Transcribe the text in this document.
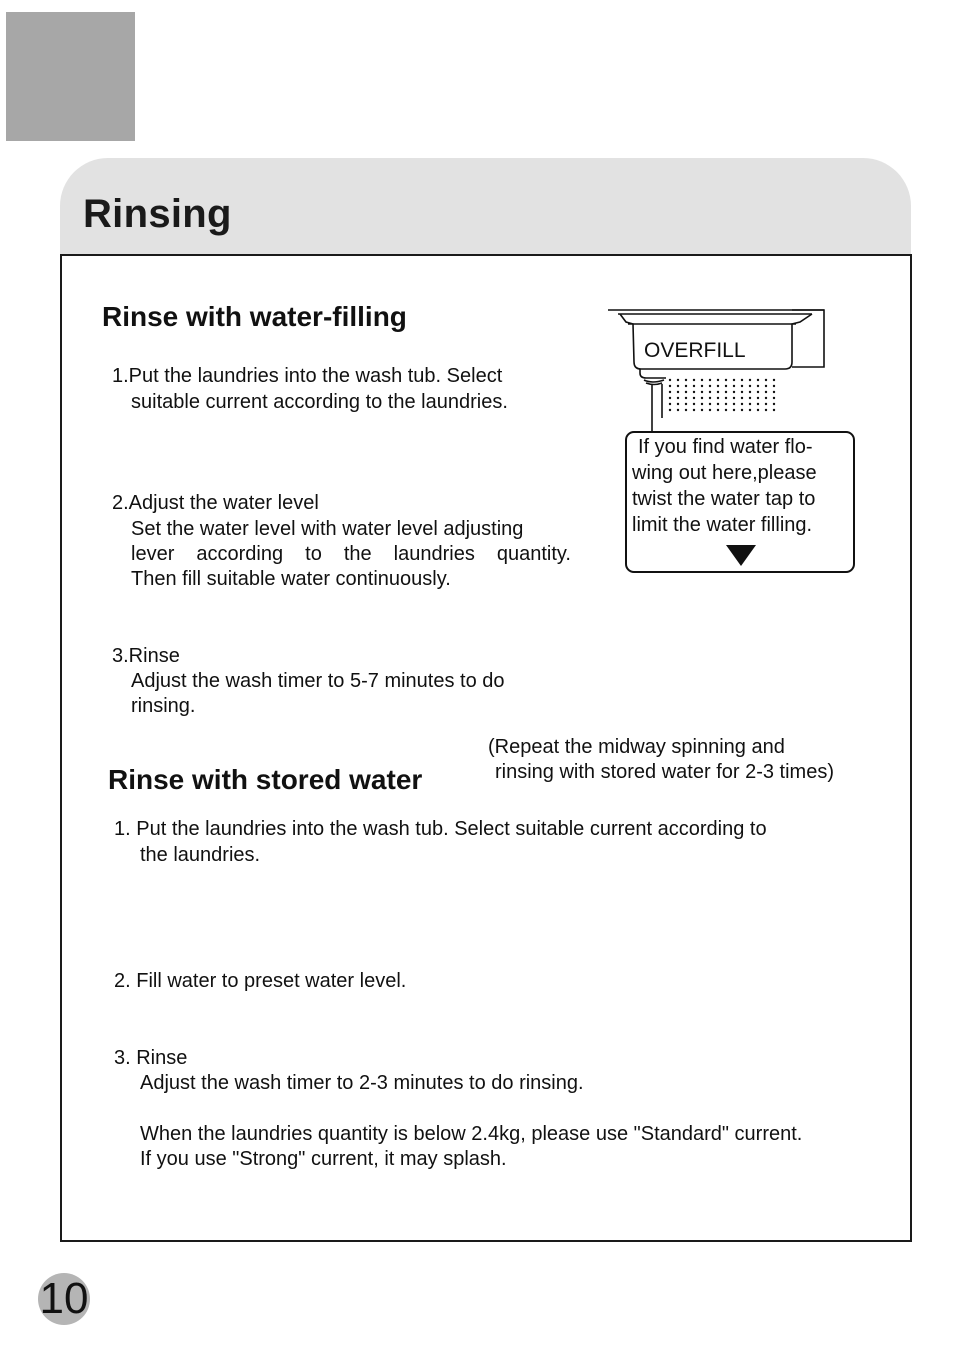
Rinsing
Rinse with water-filling
1.Put the laundries into the wash tub. Select
suitable current according to the laundries.
2.Adjust the water level
Set the water level with water level adjusting
lever according to the laundries quantity.
Then fill suitable water continuously.
3.Rinse
Adjust the wash timer to 5-7 minutes to do
rinsing.
OVERFILL
If you find water flo-
wing out here,please
twist the water tap to
limit the water filling.
Rinse with stored water
(Repeat the midway spinning and
rinsing with stored water for 2-3 times)
1. Put the laundries into the wash tub. Select suitable current according to
the laundries.
2. Fill water to preset water level.
3. Rinse
Adjust the wash timer to 2-3 minutes to do rinsing.
When the laundries quantity is below 2.4kg, please use "Standard" current.
If you use "Strong" current, it may splash.
10
